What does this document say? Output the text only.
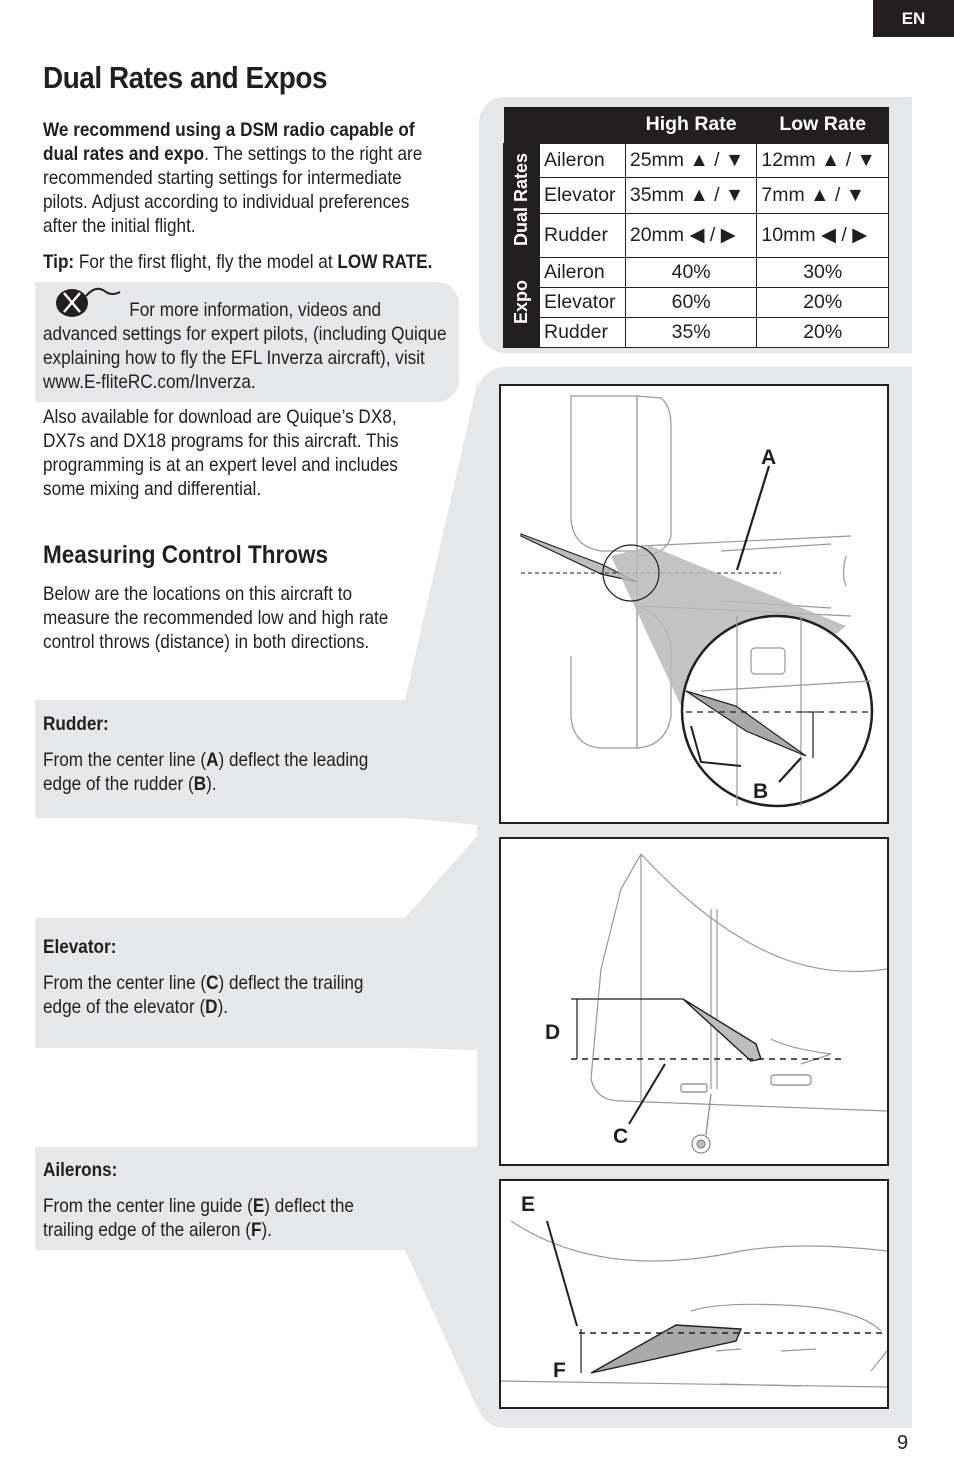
EN
Dual Rates and Expos
We recommend using a DSM radio capable of dual rates and expo. The settings to the right are recommended starting settings for intermediate pilots. Adjust according to individual preferences after the initial flight.
Tip: For the first flight, fly the model at LOW RATE.
For more information, videos and advanced settings for expert pilots, (including Quique explaining how to fly the EFL Inverza aircraft), visit www.E-fliteRC.com/Inverza.
Also available for download are Quique’s DX8, DX7s and DX18 programs for this aircraft. This programming is at an expert level and includes some mixing and differential.
Measuring Control Throws
Below are the locations on this aircraft to measure the recommended low and high rate control throws (distance) in both directions.
Rudder:
From the center line (A) deflect the leading edge of the rudder (B).
Elevator:
From the center line (C) deflect the trailing edge of the elevator (D).
Ailerons:
From the center line guide (E) deflect the trailing edge of the aileron (F).
		High Rate	Low Rate

Dual Rates	Aileron	25mm ▲ / ▼	12mm ▲ / ▼
	Elevator	35mm ▲ / ▼	7mm ▲ / ▼
	Rudder	20mm ◀ / ▶	10mm ◀ / ▶

Expo	Aileron	40%	30%
	Elevator	60%	20%
	Rudder	35%	20%
A
B
D
C
E
F
9
